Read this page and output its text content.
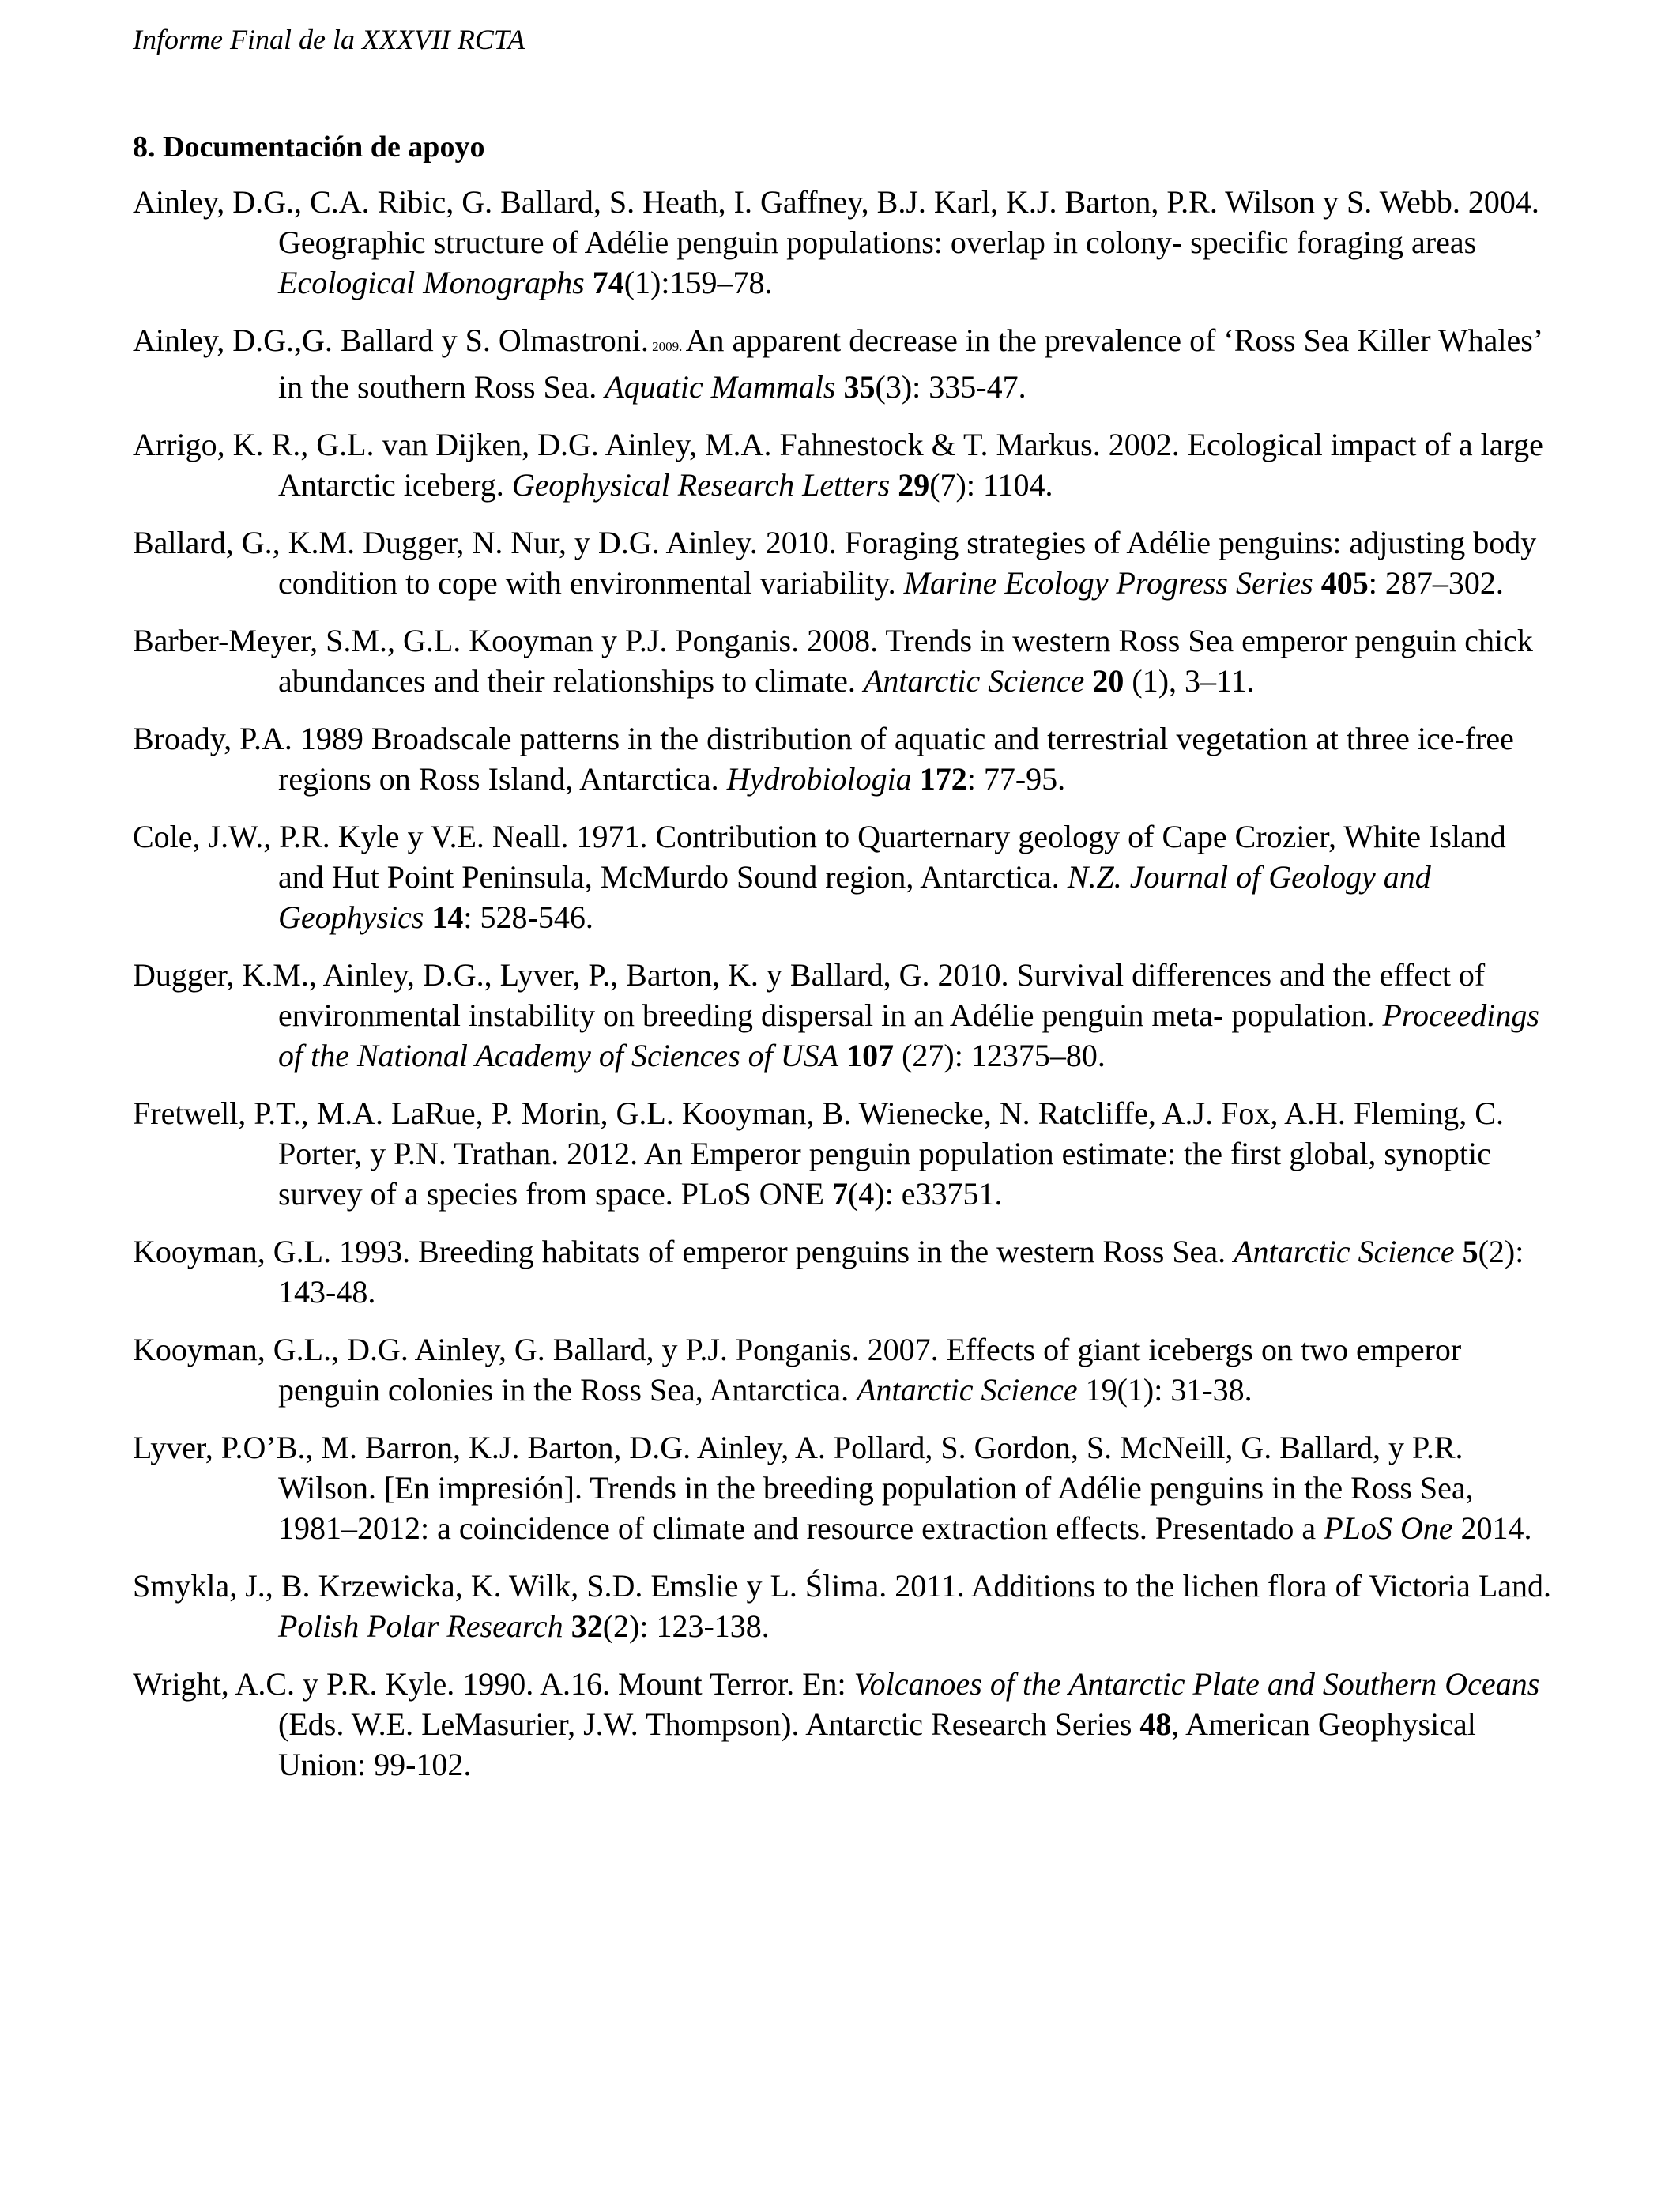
Informe Final de la XXXVII RCTA
8. Documentación de apoyo

Ainley, D.G., C.A. Ribic, G. Ballard, S. Heath, I. Gaffney, B.J. Karl, K.J. Barton, P.R. Wilson y S. Webb. 2004. Geographic structure of Adélie penguin populations: overlap in colony- specific foraging areas Ecological Monographs 74(1):159–78.

Ainley, D.G.,G. Ballard y S. Olmastroni. 2009. An apparent decrease in the prevalence of ‘Ross Sea Killer Whales’ in the southern Ross Sea. Aquatic Mammals 35(3): 335-47.

Arrigo, K. R., G.L. van Dijken, D.G. Ainley, M.A. Fahnestock & T. Markus. 2002. Ecological impact of a large Antarctic iceberg. Geophysical Research Letters 29(7): 1104.

Ballard, G., K.M. Dugger, N. Nur, y D.G. Ainley. 2010. Foraging strategies of Adélie penguins: adjusting body condition to cope with environmental variability. Marine Ecology Progress Series 405: 287–302.

Barber-Meyer, S.M., G.L. Kooyman y P.J. Ponganis. 2008. Trends in western Ross Sea emperor penguin chick abundances and their relationships to climate. Antarctic Science 20 (1), 3–11.

Broady, P.A. 1989 Broadscale patterns in the distribution of aquatic and terrestrial vegetation at three ice-free regions on Ross Island, Antarctica. Hydrobiologia 172: 77-95.

Cole, J.W., P.R. Kyle y V.E. Neall. 1971. Contribution to Quarternary geology of Cape Crozier, White Island and Hut Point Peninsula, McMurdo Sound region, Antarctica. N.Z. Journal of Geology and Geophysics 14: 528-546.

Dugger, K.M., Ainley, D.G., Lyver, P., Barton, K. y Ballard, G. 2010. Survival differences and the effect of environmental instability on breeding dispersal in an Adélie penguin meta- population. Proceedings of the National Academy of Sciences of USA 107 (27): 12375–80.

Fretwell, P.T., M.A. LaRue, P. Morin, G.L. Kooyman, B. Wienecke, N. Ratcliffe, A.J. Fox, A.H. Fleming, C. Porter, y P.N. Trathan. 2012. An Emperor penguin population estimate: the first global, synoptic survey of a species from space. PLoS ONE 7(4): e33751.

Kooyman, G.L. 1993. Breeding habitats of emperor penguins in the western Ross Sea. Antarctic Science 5(2): 143-48.

Kooyman, G.L., D.G. Ainley, G. Ballard, y P.J. Ponganis. 2007. Effects of giant icebergs on two emperor penguin colonies in the Ross Sea, Antarctica. Antarctic Science 19(1): 31-38.

Lyver, P.O’B., M. Barron, K.J. Barton, D.G. Ainley, A. Pollard, S. Gordon, S. McNeill, G. Ballard, y P.R. Wilson. [En impresión]. Trends in the breeding population of Adélie penguins in the Ross Sea, 1981–2012: a coincidence of climate and resource extraction effects. Presentado a PLoS One 2014.

Smykla, J., B. Krzewicka, K. Wilk, S.D. Emslie y L. Ślima. 2011. Additions to the lichen flora of Victoria Land. Polish Polar Research 32(2): 123-138.

Wright, A.C. y P.R. Kyle. 1990. A.16. Mount Terror. En: Volcanoes of the Antarctic Plate and Southern Oceans (Eds. W.E. LeMasurier, J.W. Thompson). Antarctic Research Series 48, American Geophysical Union: 99-102.
